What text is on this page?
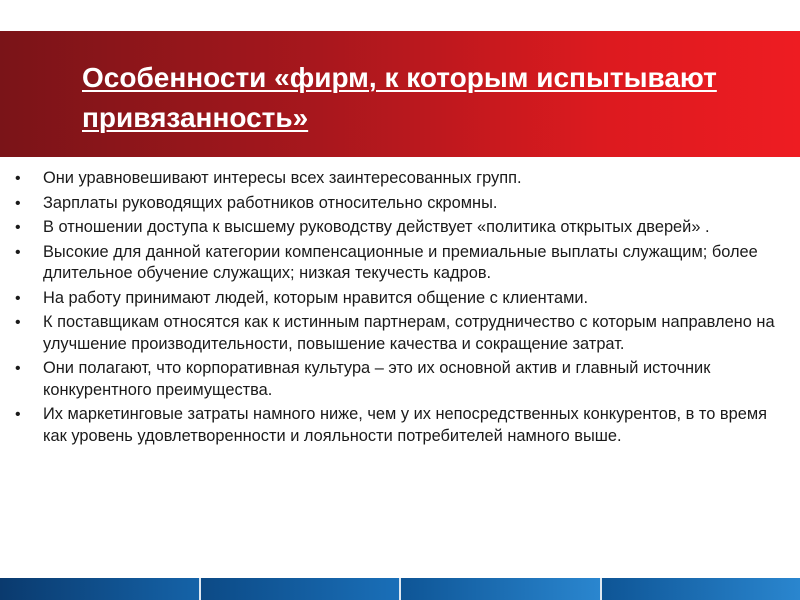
Особенности «фирм, к которым испытывают привязанность»
•	Они уравновешивают интересы всех заинтересованных групп.
•	Зарплаты руководящих работников относительно скромны.
•	В отношении доступа к высшему руководству действует «политика открытых дверей» .
•	Высокие для данной категории компенсационные и премиальные выплаты служащим; более длительное обучение служащих; низкая текучесть кадров.
•	На работу принимают людей, которым нравится общение с клиентами.
•	К поставщикам относятся как к истинным партнерам, сотрудничество с которым направлено на улучшение производительности, повышение качества и сокращение затрат.
•	Они полагают, что корпоративная культура – это их основной актив и главный источник конкурентного преимущества.
•	Их маркетинговые затраты намного ниже, чем у их непосредственных конкурентов, в то время как уровень удовлетворенности и лояльности потребителей намного выше.
